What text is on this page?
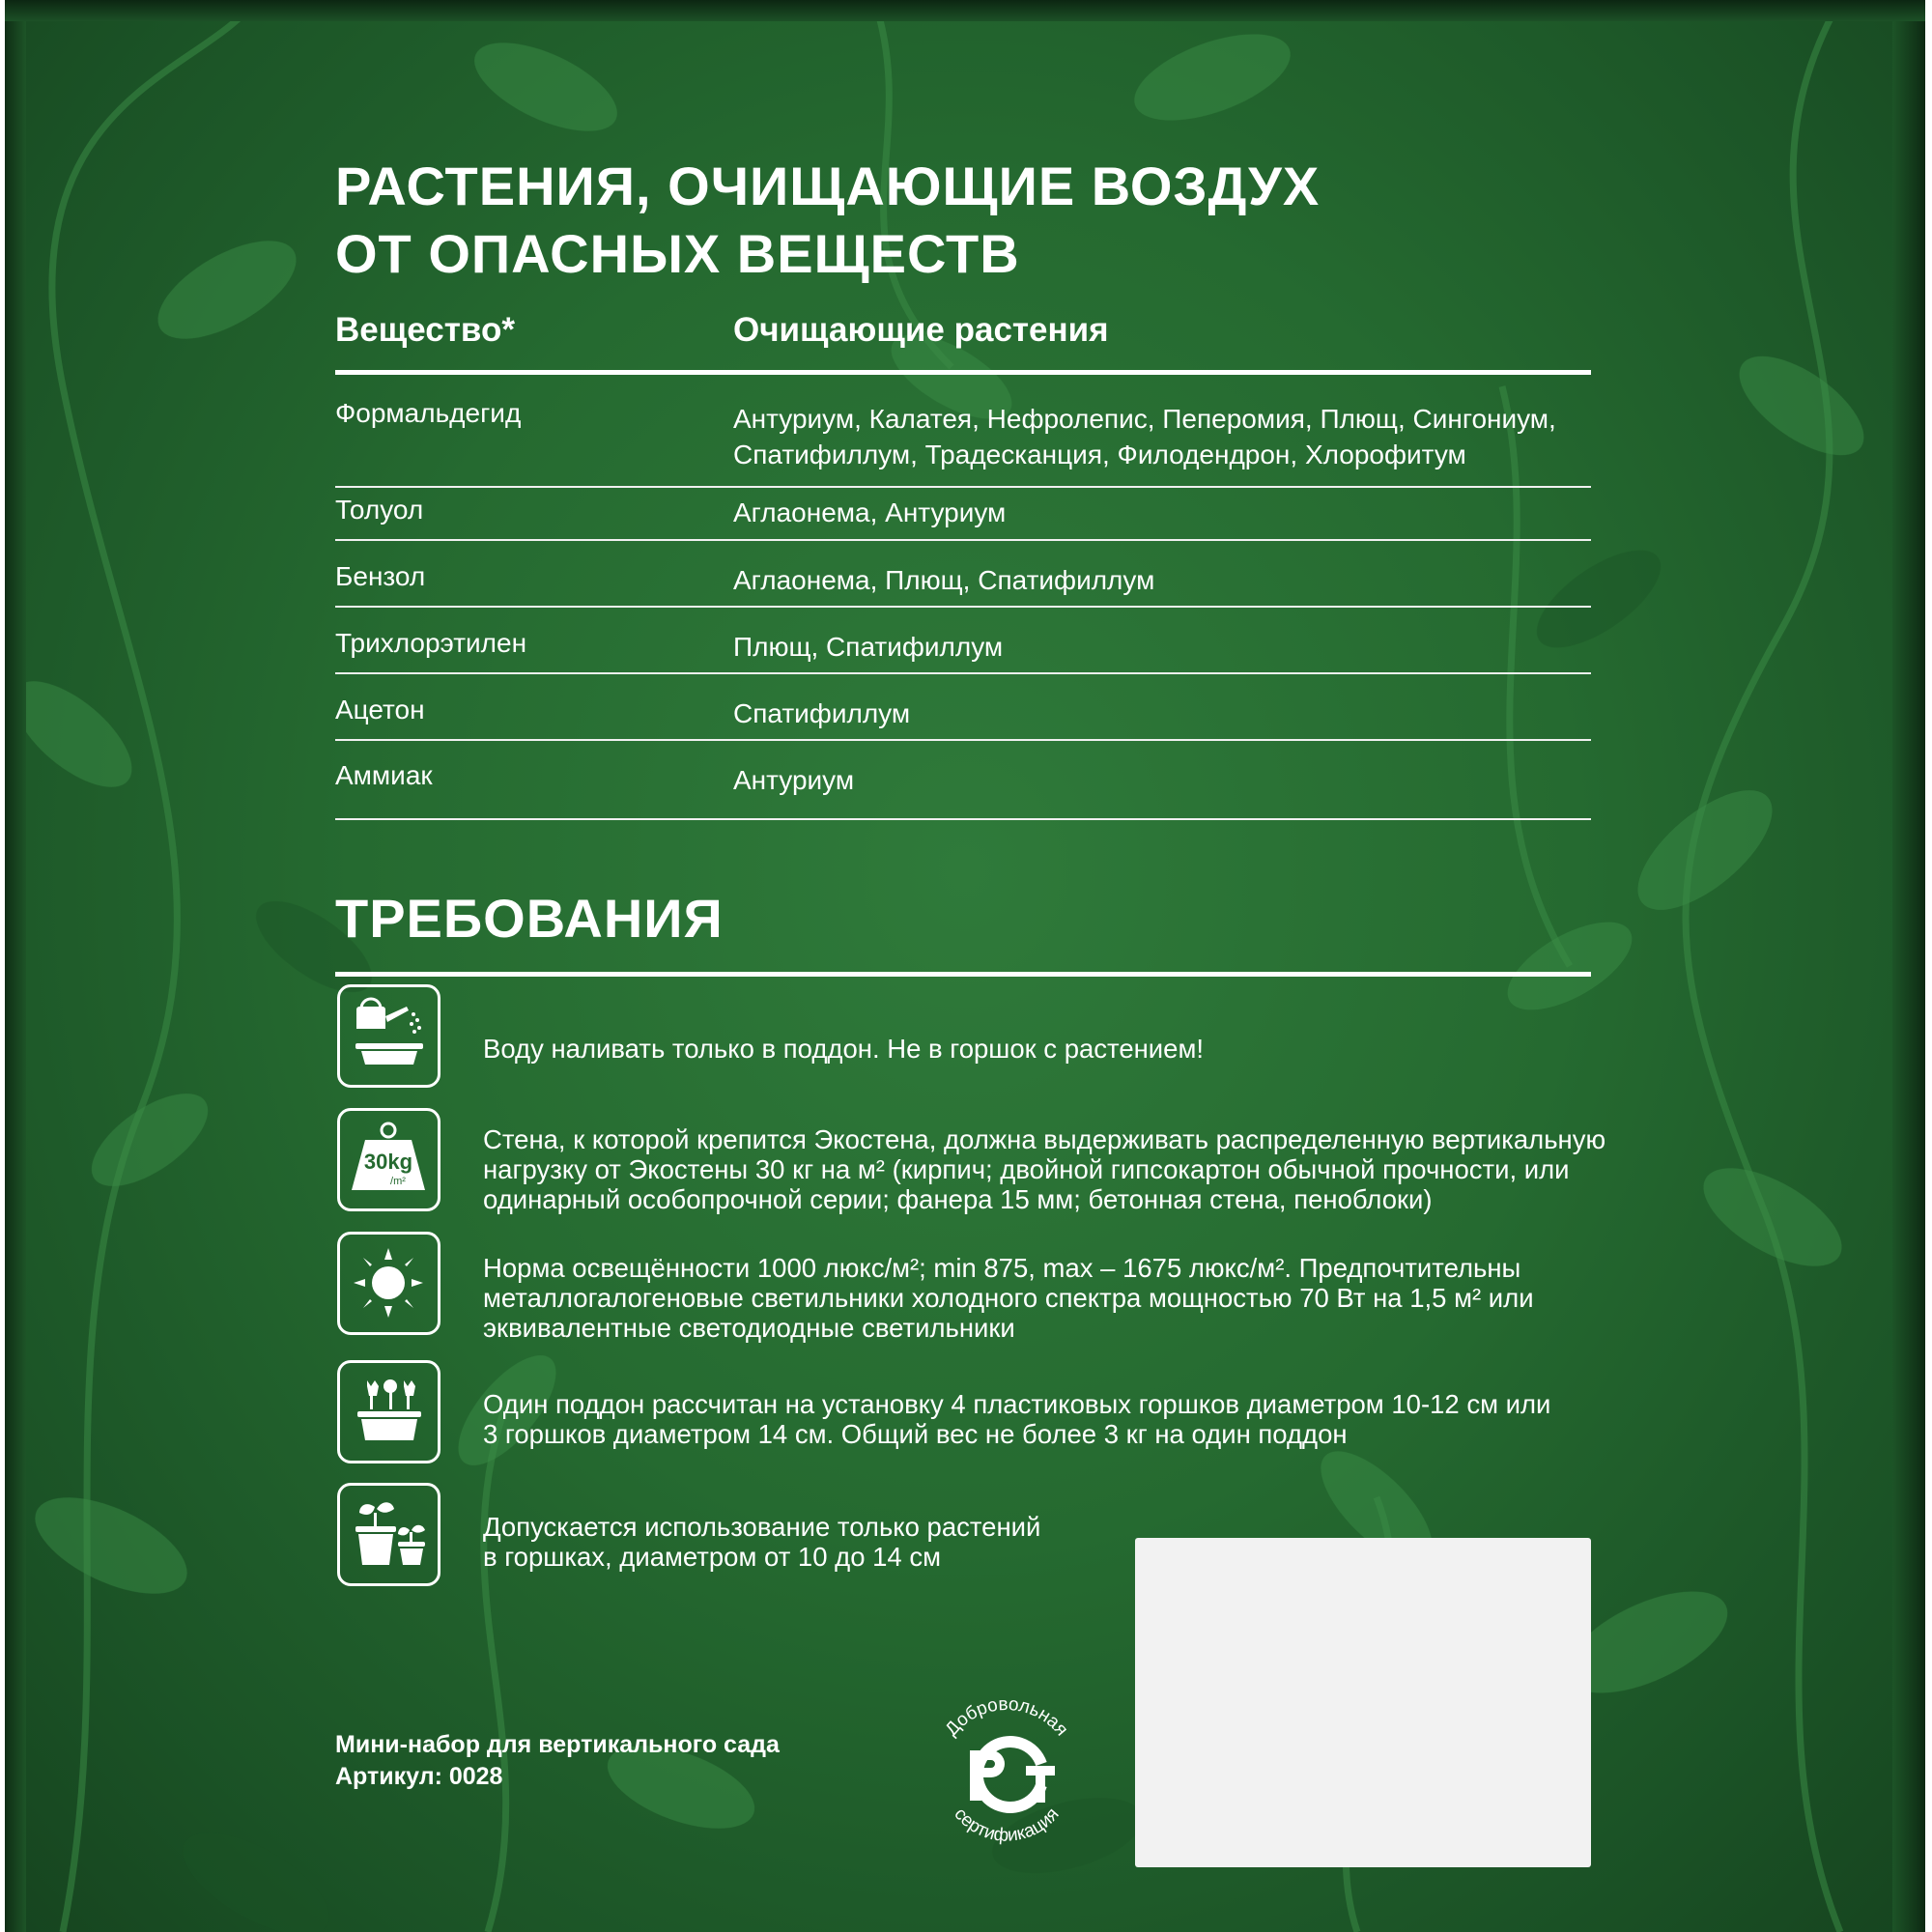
РАСТЕНИЯ, ОЧИЩАЮЩИЕ ВОЗДУХ
ОТ ОПАСНЫХ ВЕЩЕСТВ
Вещество*	Очищающие растения
Формальдегид	Антуриум, Калатея, Нефролепис, Пеперомия, Плющ, Сингониум,
Спатифиллум, Традесканция, Филодендрон, Хлорофитум
Толуол	Аглаонема, Антуриум
Бензол	Аглаонема, Плющ, Спатифиллум
Трихлорэтилен	Плющ, Спатифиллум
Ацетон	Спатифиллум
Аммиак	Антуриум
ТРЕБОВАНИЯ
Воду наливать только в поддон. Не в горшок с растением!
30kg
/m²
Стена, к которой крепится Экостена, должна выдерживать распределенную вертикальную
нагрузку от Экостены 30 кг на м² (кирпич; двойной гипсокартон обычной прочности, или
одинарный особопрочной серии; фанера 15 мм; бетонная стена, пеноблоки)
Норма освещённости 1000 люкс/м²; min 875, max – 1675 люкс/м². Предпочтительны
металлогалогеновые светильники холодного спектра мощностью 70 Вт на 1,5 м² или
эквивалентные светодиодные светильники
Один поддон рассчитан на установку 4 пластиковых горшков диаметром 10-12 см или
3 горшков диаметром 14 см. Общий вес не более 3 кг на один поддон
Допускается использование только растений
в горшках, диаметром от 10 до 14 см
Добровольная
сертификация
Мини-набор для вертикального сада
Артикул: 0028
